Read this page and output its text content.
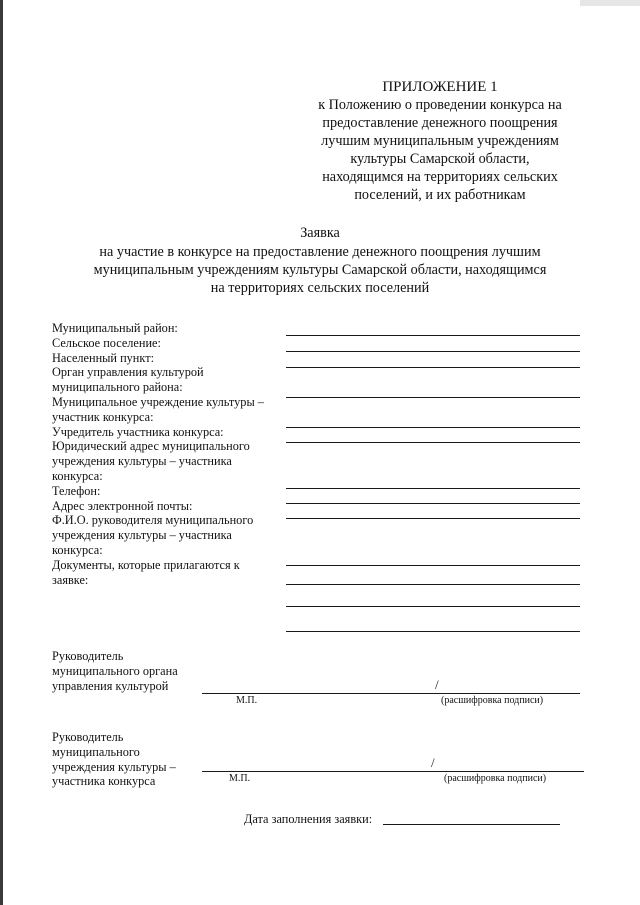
ПРИЛОЖЕНИЕ 1
к Положению о проведении конкурса на
предоставление денежного поощрения
лучшим муниципальным учреждениям
культуры Самарской области,
находящимся на территориях сельских
поселений, и их работникам
Заявка
на участие в конкурсе на предоставление денежного поощрения лучшим
муниципальным учреждениям культуры Самарской области, находящимся
на территориях сельских поселений
Муниципальный район:
Сельское поселение:
Населенный пункт:
Орган управления культурой
муниципального района:
Муниципальное учреждение культуры –
участник конкурса:
Учредитель участника конкурса:
Юридический адрес муниципального
учреждения культуры – участника
конкурса:
Телефон:
Адрес электронной почты:
Ф.И.О. руководителя муниципального
учреждения культуры – участника
конкурса:
Документы, которые прилагаются к
заявке:
Руководитель
муниципального органа
управления культурой	/
М.П.	(расшифровка подписи)
Руководитель
муниципального
учреждения культуры –
участника конкурса
/
М.П.	(расшифровка подписи)
Дата заполнения заявки:
